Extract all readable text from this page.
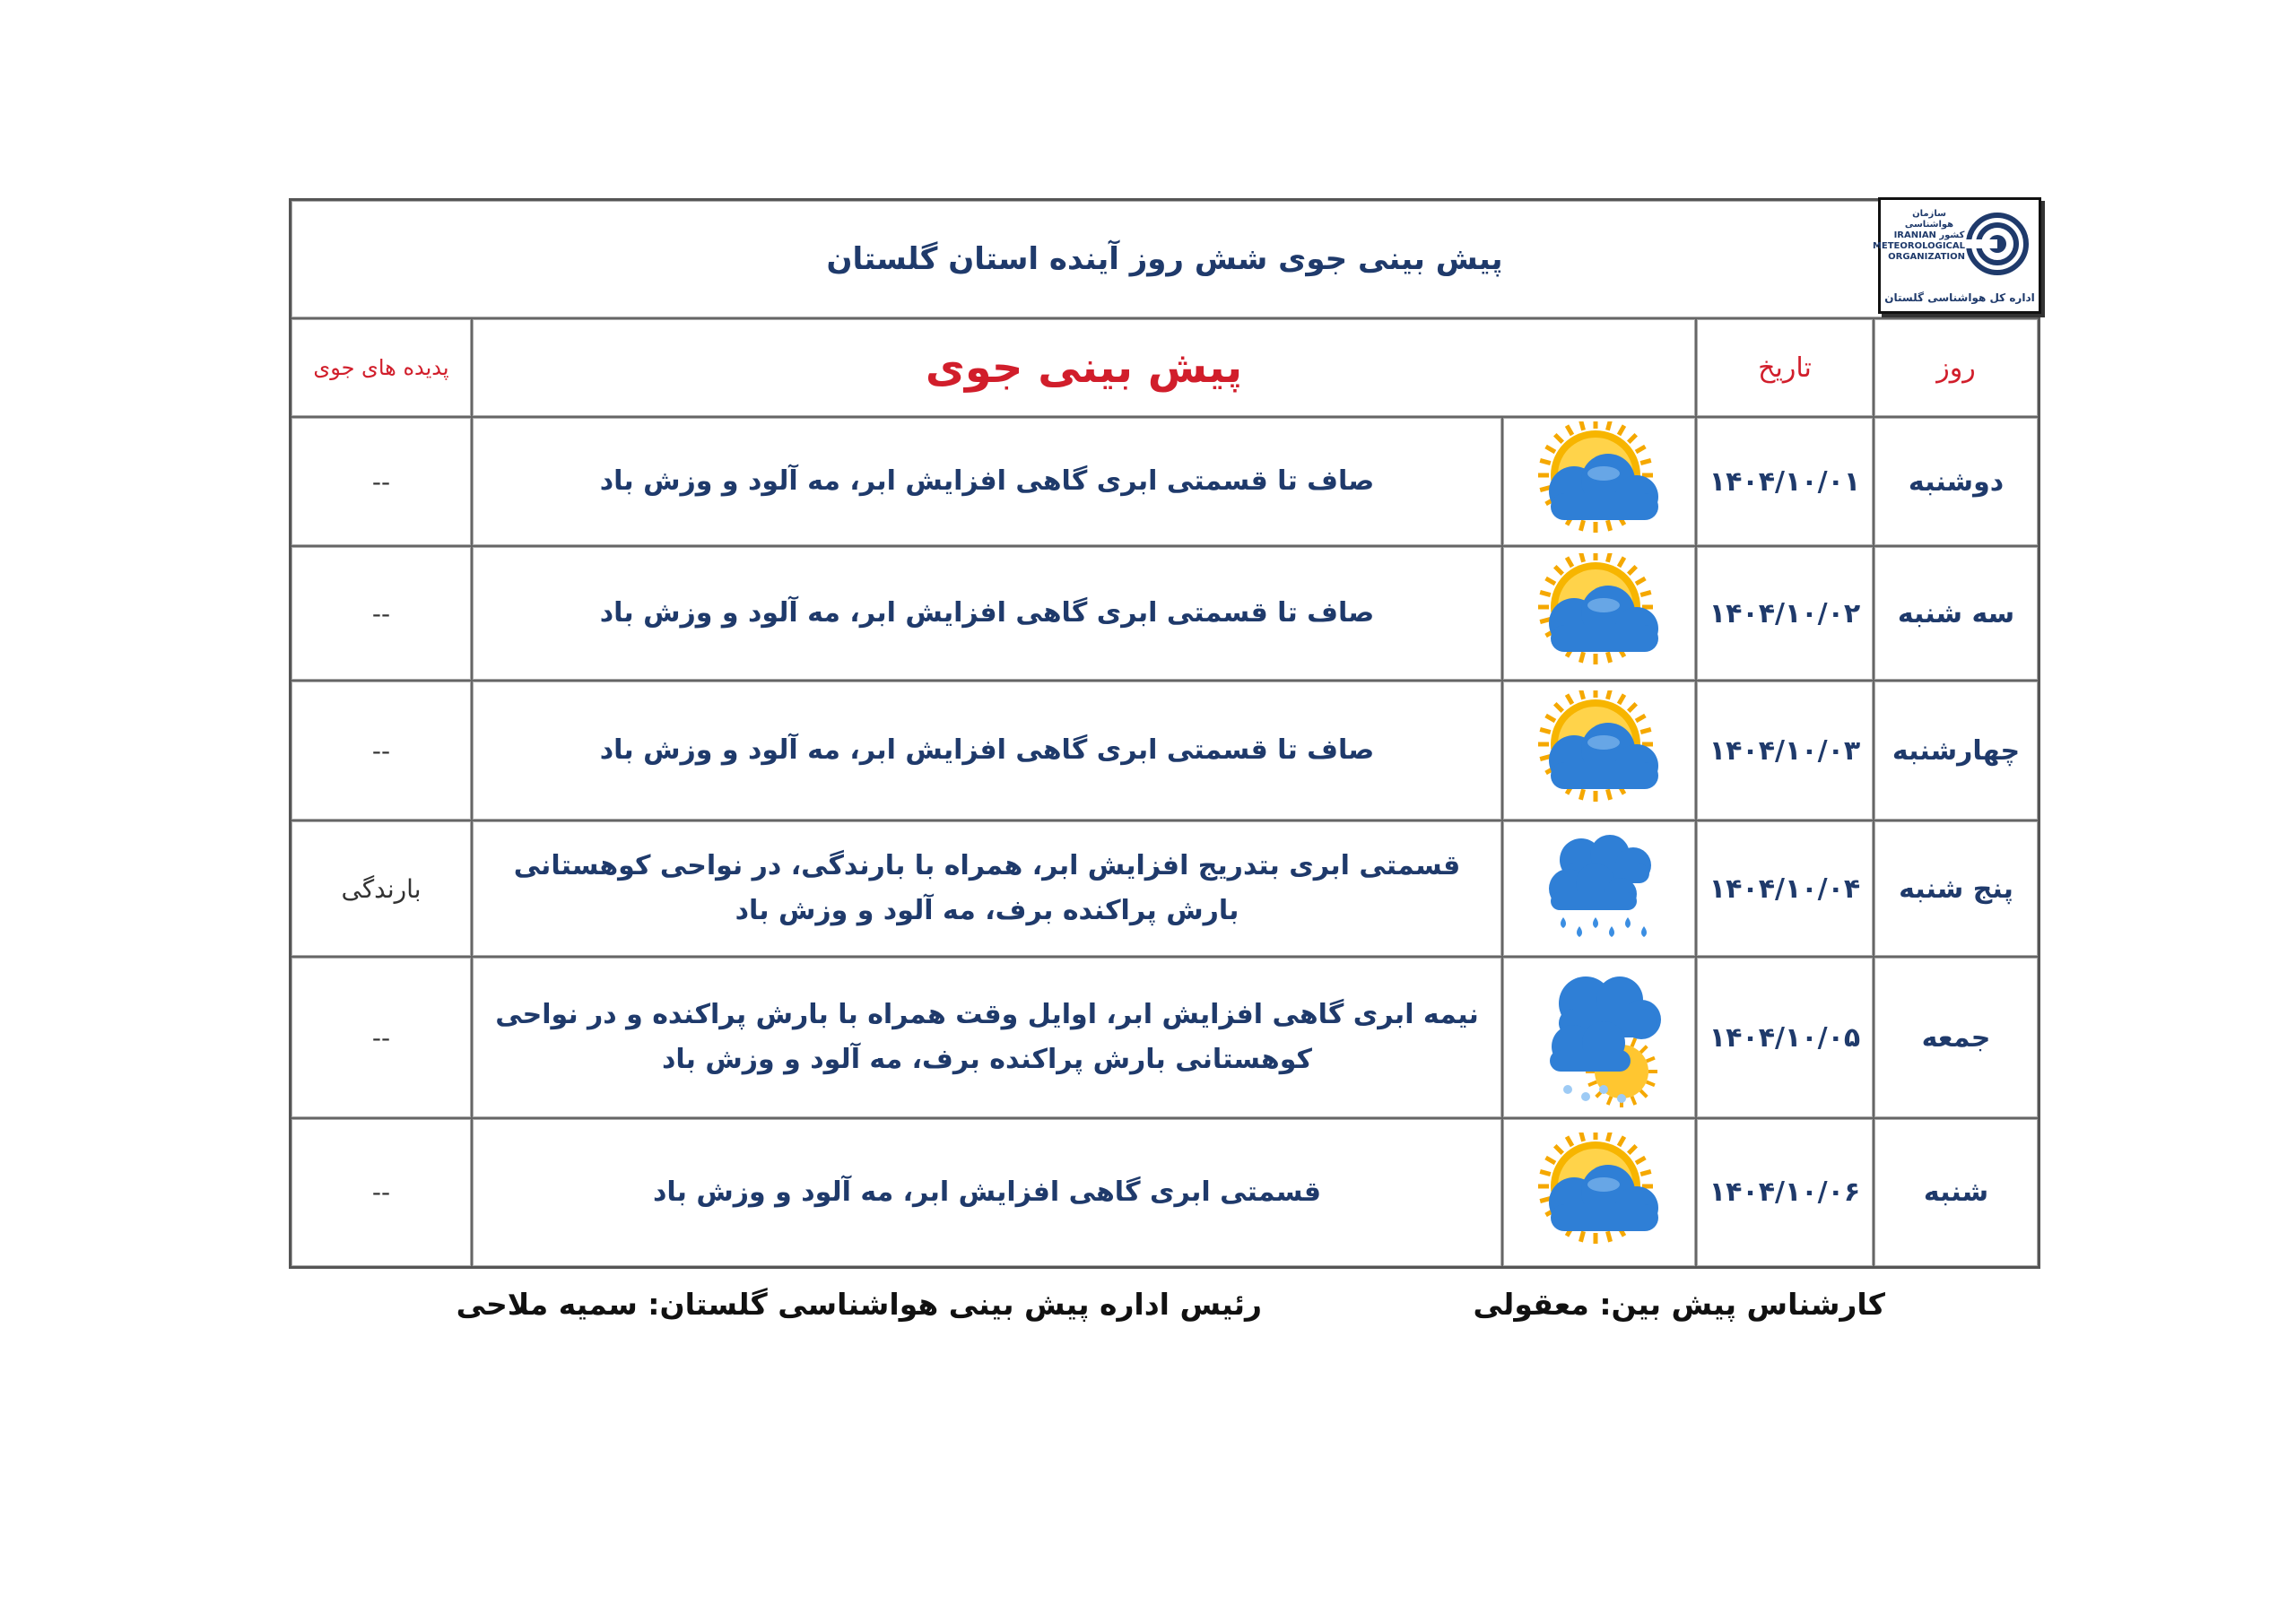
سازمان هواشناسی کشور IRANIAN METEOROLOGICAL ORGANIZATION
اداره کل هواشناسی گلستان
پیش بینی جوی شش روز آینده استان گلستان				
روز	تاریخ	پیش بینی جوی		پدیده های جوی
دوشنبه	۱۴۰۴/۱۰/۰۱		صاف تا قسمتی ابری گاهی افزایش ابر، مه آلود و وزش باد	--
سه شنبه	۱۴۰۴/۱۰/۰۲		صاف تا قسمتی ابری گاهی افزایش ابر، مه آلود و وزش باد	--
چهارشنبه	۱۴۰۴/۱۰/۰۳		صاف تا قسمتی ابری گاهی افزایش ابر، مه آلود و وزش باد	--
پنج شنبه	۱۴۰۴/۱۰/۰۴		قسمتی ابری بتدریج افزایش ابر، همراه با بارندگی، در نواحی کوهستانی بارش پراکنده برف، مه آلود و وزش باد	بارندگی
جمعه	۱۴۰۴/۱۰/۰۵		نیمه ابری گاهی افزایش ابر، اوایل وقت همراه با بارش پراکنده و در نواحی کوهستانی بارش پراکنده برف، مه آلود و وزش باد	--
شنبه	۱۴۰۴/۱۰/۰۶		قسمتی ابری گاهی افزایش ابر، مه آلود و وزش باد	--
کارشناس پیش بین: معقولی
رئیس اداره پیش بینی هواشناسی گلستان: سمیه ملاحی
